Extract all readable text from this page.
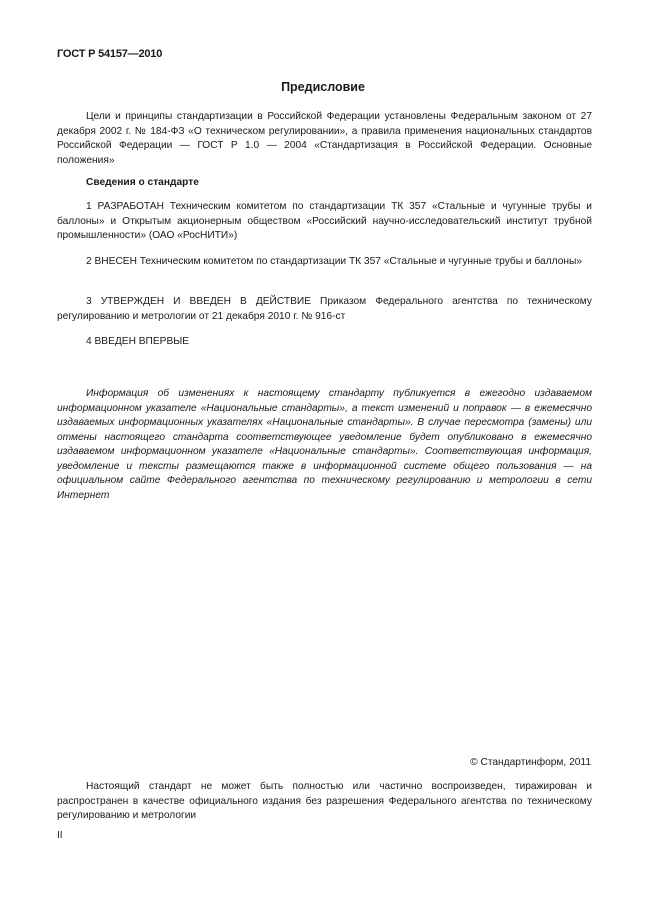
ГОСТ Р 54157—2010
Предисловие

Цели и принципы стандартизации в Российской Федерации установлены Федеральным законом от 27 декабря 2002 г. № 184-ФЗ «О техническом регулировании», а правила применения национальных стандартов Российской Федерации — ГОСТ Р 1.0 — 2004 «Стандартизация в Российской Федерации. Основные положения»

Сведения о стандарте

1 РАЗРАБОТАН Техническим комитетом по стандартизации ТК 357 «Стальные и чугунные трубы и баллоны» и Открытым акционерным обществом «Российский научно-исследовательский институт трубной промышленности» (ОАО «РосНИТИ»)

2 ВНЕСЕН Техническим комитетом по стандартизации ТК 357 «Стальные и чугунные трубы и баллоны»

3 УТВЕРЖДЕН И ВВЕДЕН В ДЕЙСТВИЕ Приказом Федерального агентства по техническому регулированию и метрологии от 21 декабря 2010 г. № 916-ст

4 ВВЕДЕН ВПЕРВЫЕ

Информация об изменениях к настоящему стандарту публикуется в ежегодно издаваемом информационном указателе «Национальные стандарты», а текст изменений и поправок — в ежемесячно издаваемых информационных указателях «Национальные стандарты». В случае пересмотра (замены) или отмены настоящего стандарта соответствующее уведомление будет опубликовано в ежемесячно издаваемом информационном указателе «Национальные стандарты». Соответствующая информация, уведомление и тексты размещаются также в информационной системе общего пользования — на официальном сайте Федерального агентства по техническому регулированию и метрологии в сети Интернет

© Стандартинформ, 2011

Настоящий стандарт не может быть полностью или частично воспроизведен, тиражирован и распространен в качестве официального издания без разрешения Федерального агентства по техническому регулированию и метрологии

II
